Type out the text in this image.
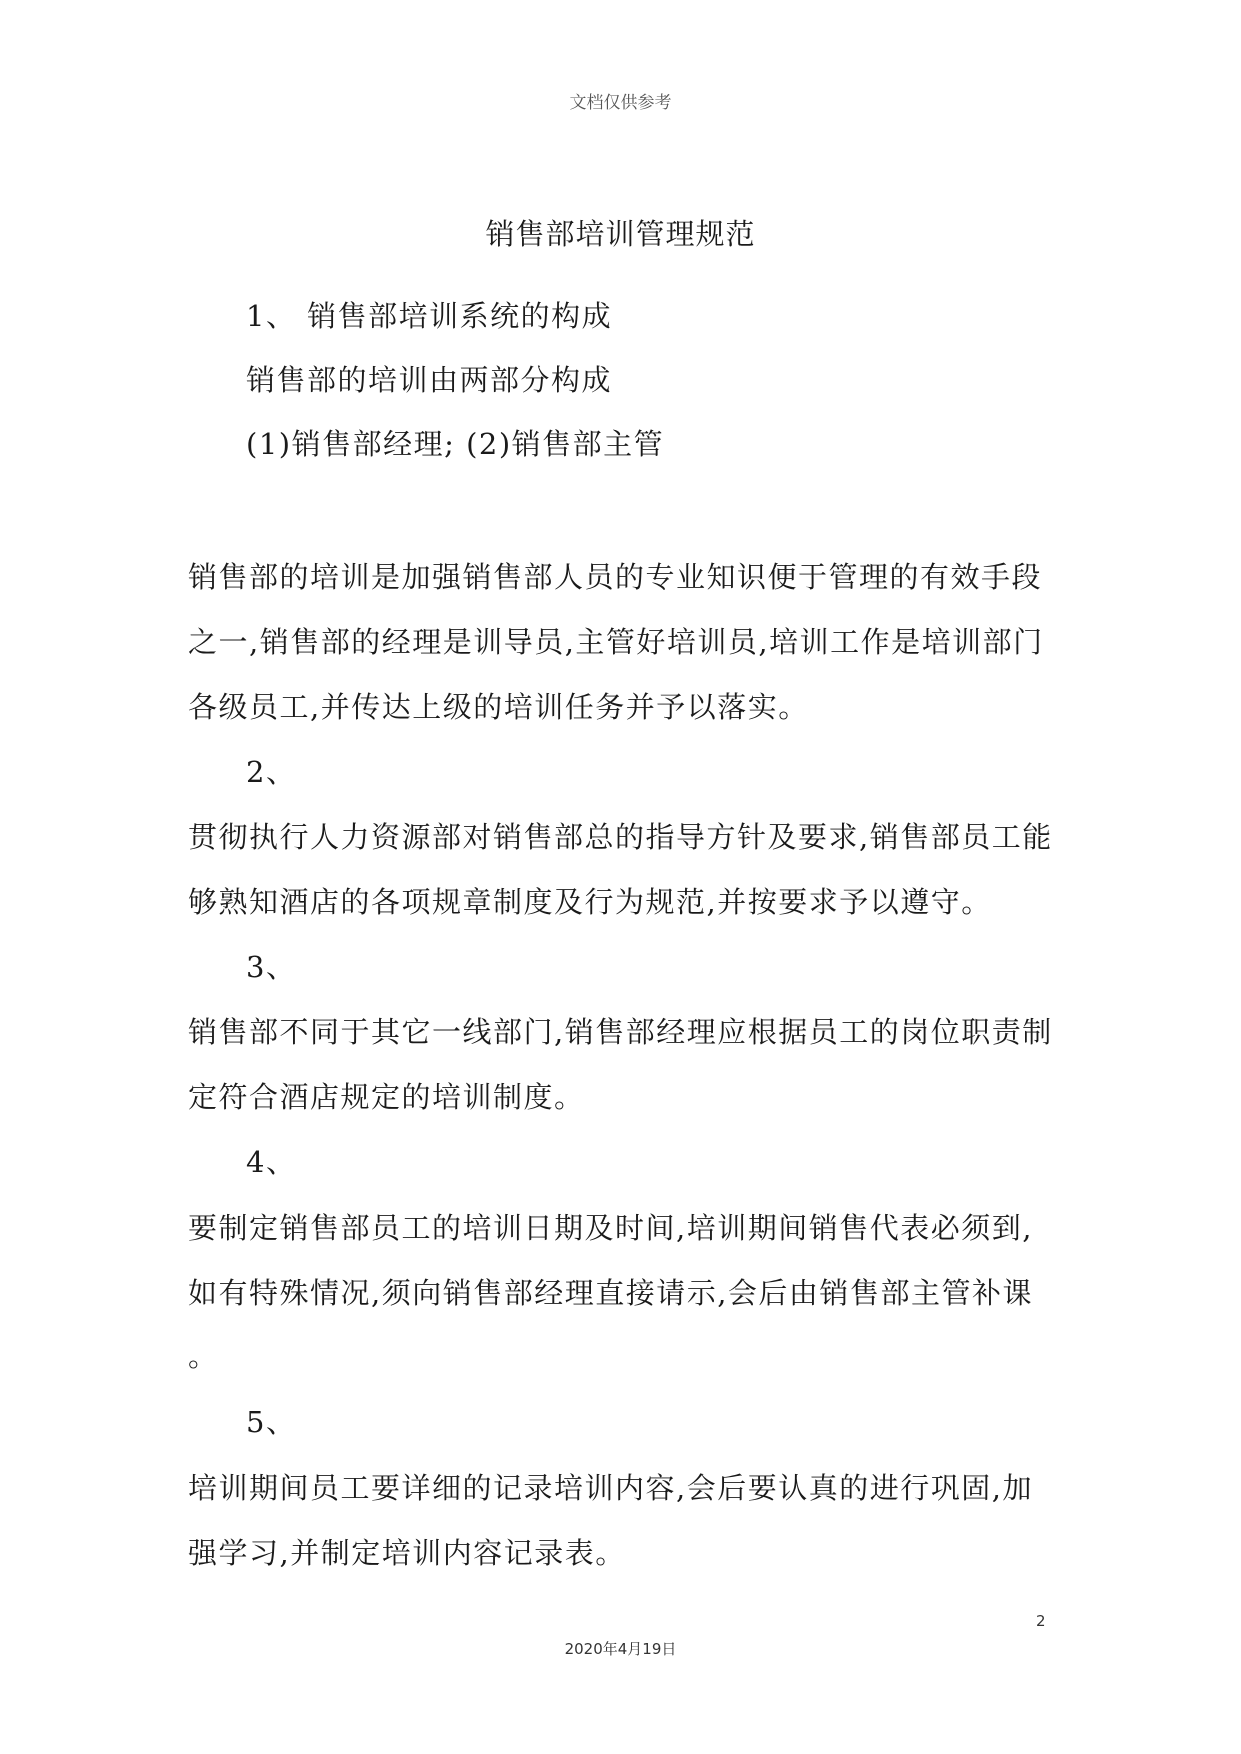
文档仅供参考
销售部培训管理规范
1、 销售部培训系统的构成
销售部的培训由两部分构成
(1)销售部经理; (2)销售部主管
销售部的培训是加强销售部人员的专业知识便于管理的有效手段
之一,销售部的经理是训导员,主管好培训员,培训工作是培训部门
各级员工,并传达上级的培训任务并予以落实。
2、
贯彻执行人力资源部对销售部总的指导方针及要求,销售部员工能
够熟知酒店的各项规章制度及行为规范,并按要求予以遵守。
3、
销售部不同于其它一线部门,销售部经理应根据员工的岗位职责制
定符合酒店规定的培训制度。
4、
要制定销售部员工的培训日期及时间,培训期间销售代表必须到,
如有特殊情况,须向销售部经理直接请示,会后由销售部主管补课
。
5、
培训期间员工要详细的记录培训内容,会后要认真的进行巩固,加
强学习,并制定培训内容记录表。
2
2020年4月19日
